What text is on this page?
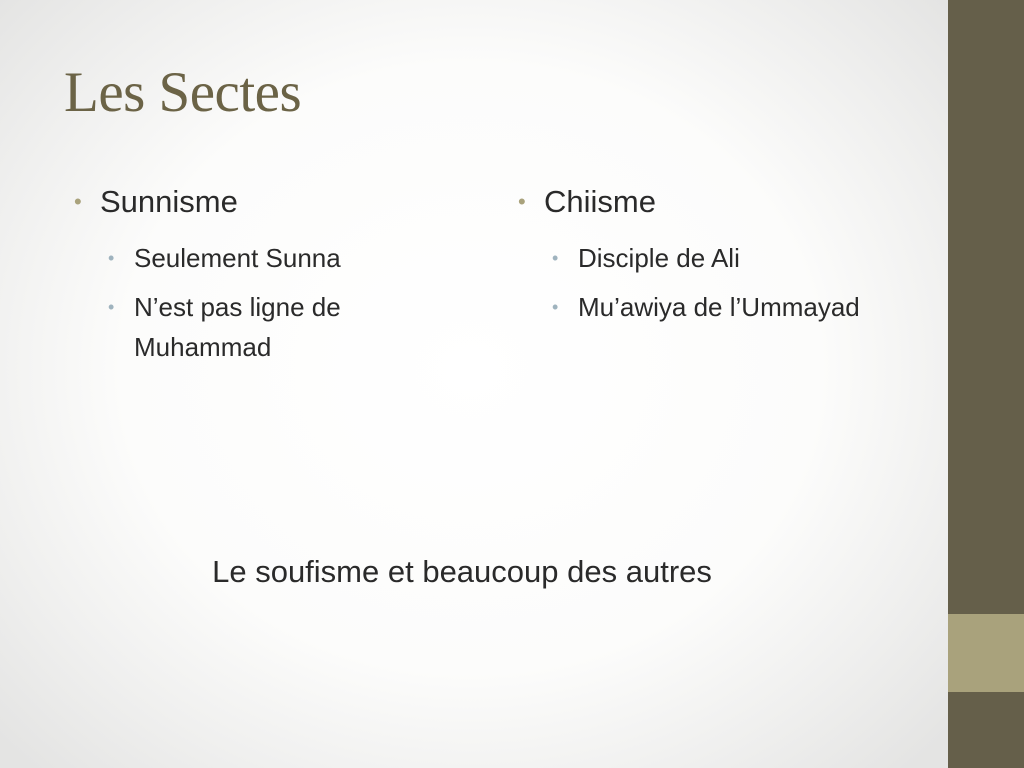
Les Sectes
• Sunnisme
• Seulement Sunna
• N’est pas ligne de Muhammad
• Chiisme
• Disciple de Ali
• Mu’awiya de l’Ummayad
Le soufisme et beaucoup des autres
